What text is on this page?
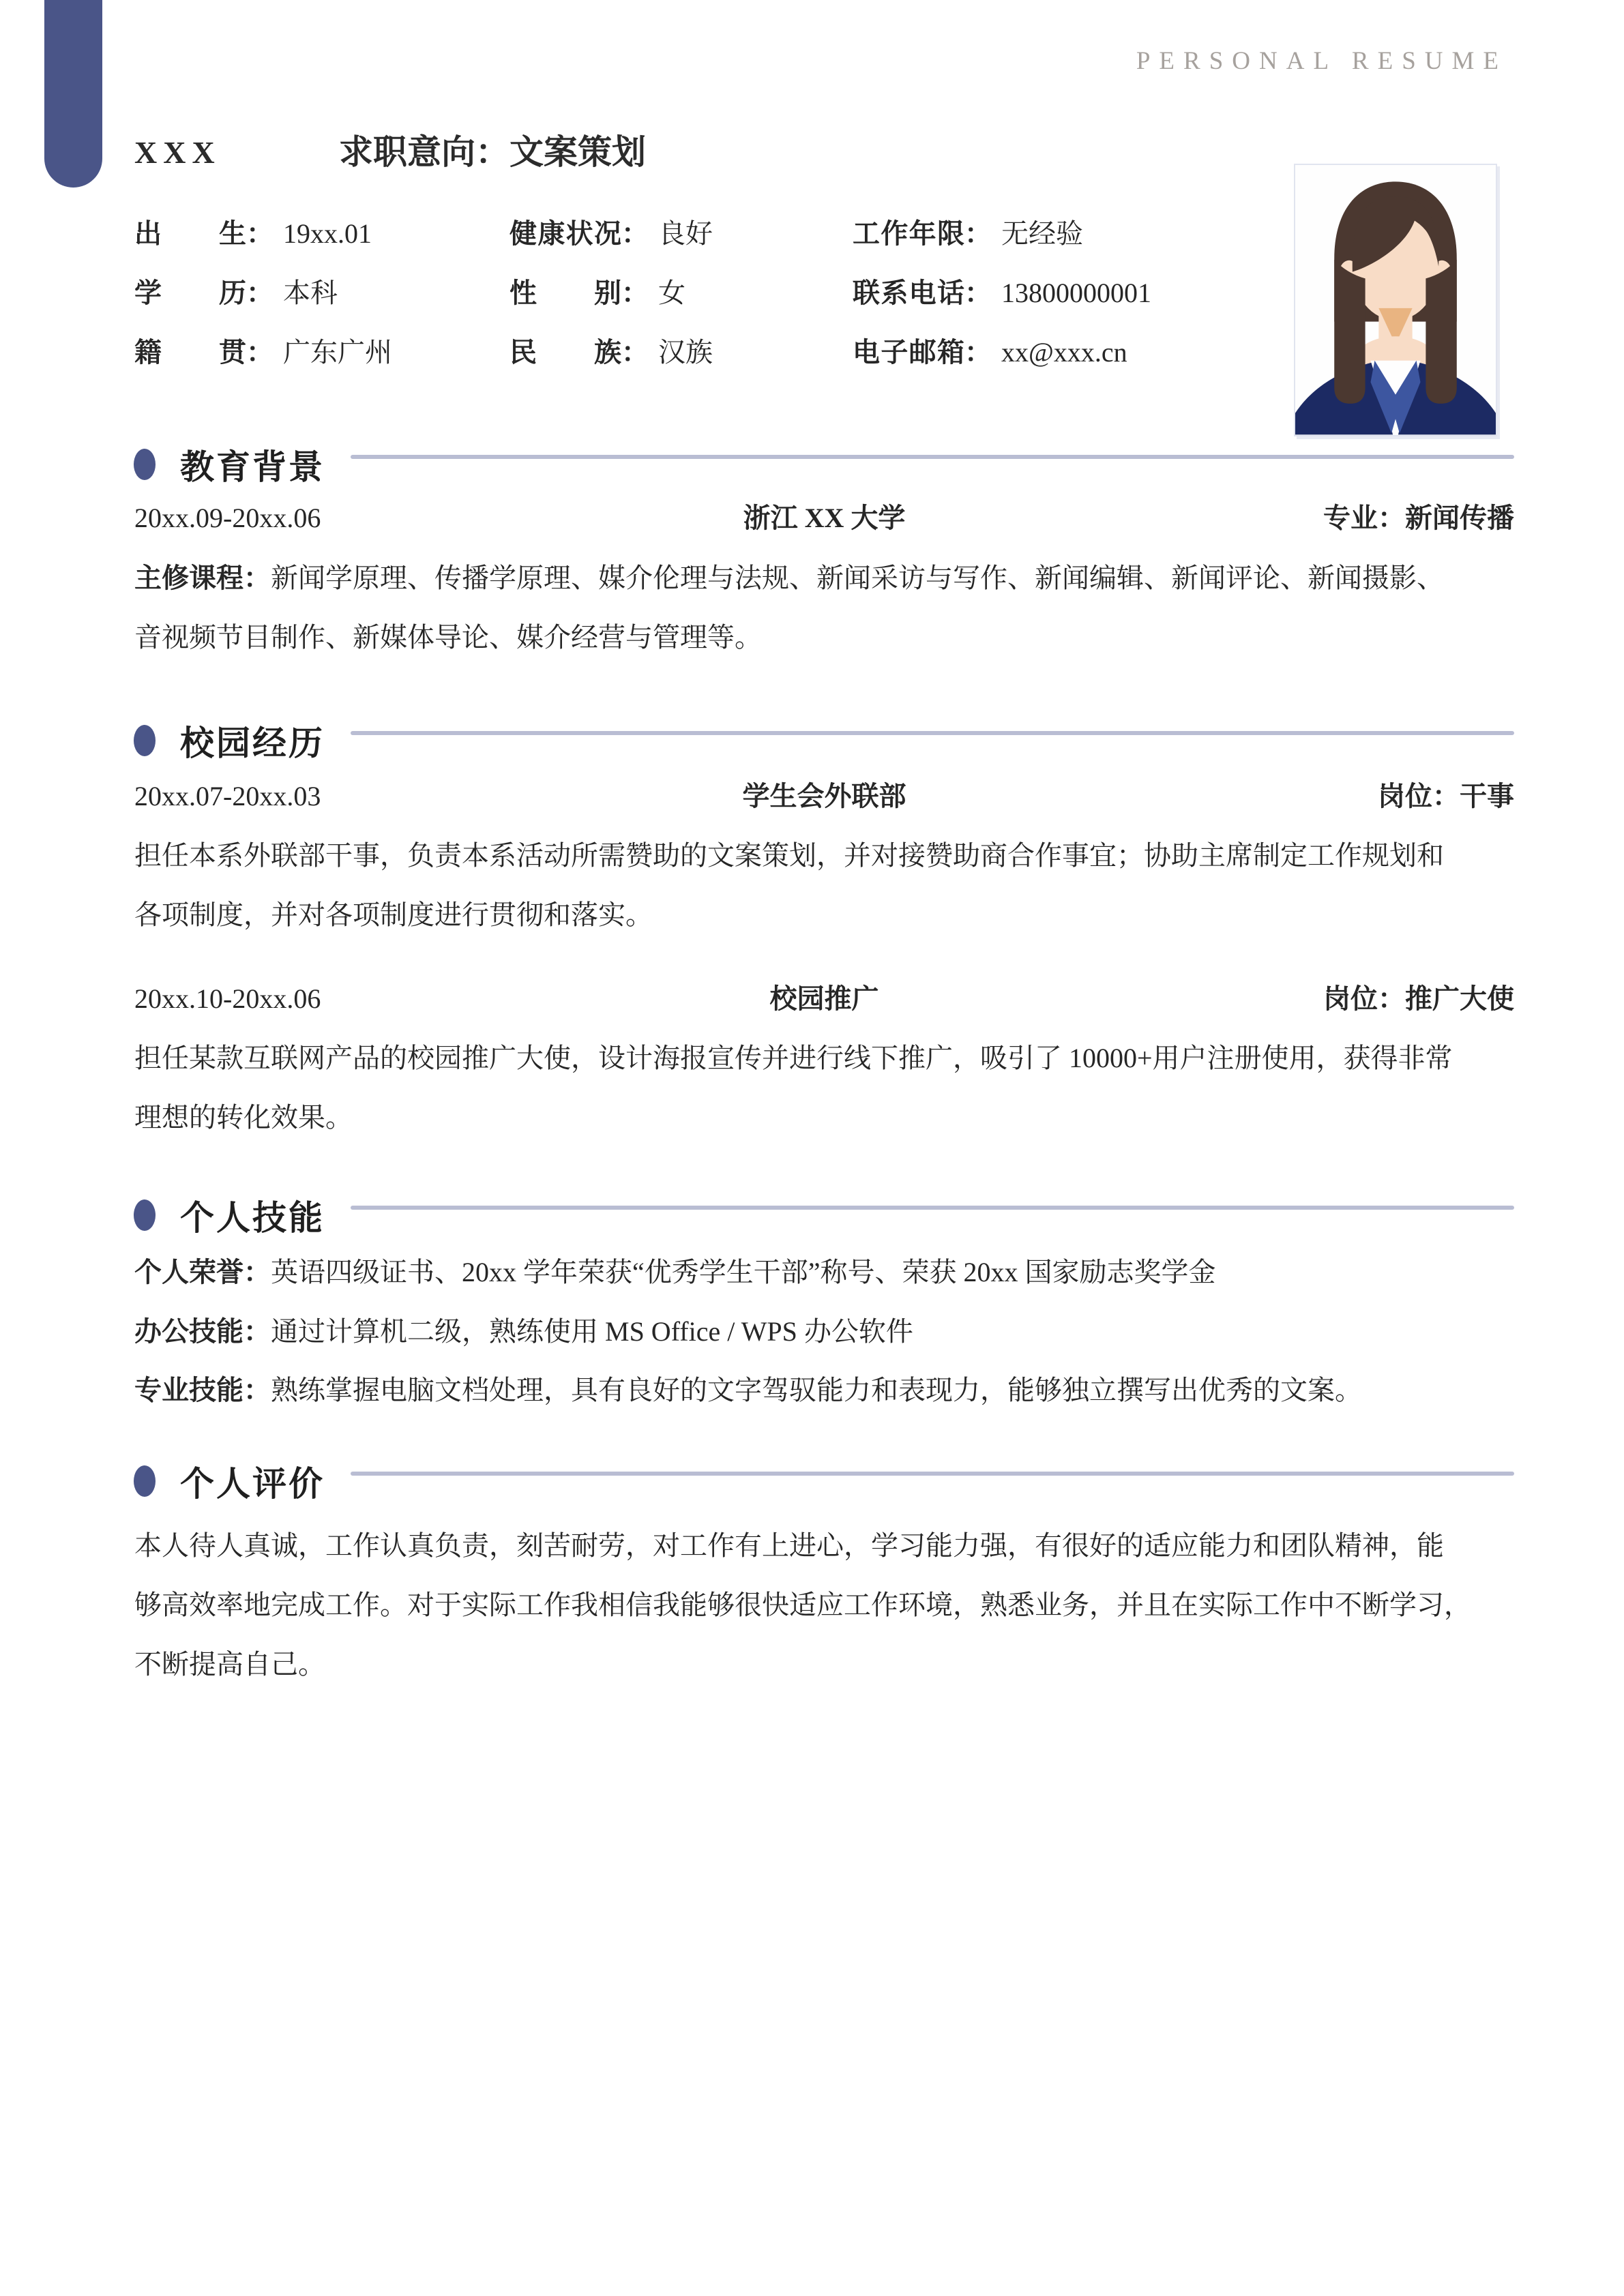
PERSONAL RESUME
XXX	求职意向：文案策划
出生 ： 19xx.01	健康状况 ： 良好	工作年限 ： 无经验
学历 ： 本科	性别 ： 女	联系电话 ： 13800000001
籍贯 ： 广东广州	民族 ： 汉族	电子邮箱 ： xx@xxx.cn
教育背景
20xx.09-20xx.06	浙江 XX 大学	专业：新闻传播
主修课程：新闻学原理、传播学原理、媒介伦理与法规、新闻采访与写作、新闻编辑、新闻评论、新闻摄影、
音视频节目制作、新媒体导论、媒介经营与管理等。
校园经历
20xx.07-20xx.03	学生会外联部	岗位：干事
担任本系外联部干事，负责本系活动所需赞助的文案策划，并对接赞助商合作事宜；协助主席制定工作规划和
各项制度，并对各项制度进行贯彻和落实。
20xx.10-20xx.06	校园推广	岗位：推广大使
担任某款互联网产品的校园推广大使，设计海报宣传并进行线下推广，吸引了 10000+用户注册使用，获得非常
理想的转化效果。
个人技能
个人荣誉：英语四级证书、20xx 学年荣获“优秀学生干部”称号、荣获 20xx 国家励志奖学金
办公技能：通过计算机二级，熟练使用 MS Office / WPS 办公软件
专业技能：熟练掌握电脑文档处理，具有良好的文字驾驭能力和表现力，能够独立撰写出优秀的文案。
个人评价
本人待人真诚，工作认真负责，刻苦耐劳，对工作有上进心，学习能力强，有很好的适应能力和团队精神，能
够高效率地完成工作。对于实际工作我相信我能够很快适应工作环境，熟悉业务，并且在实际工作中不断学习，
不断提高自己。
